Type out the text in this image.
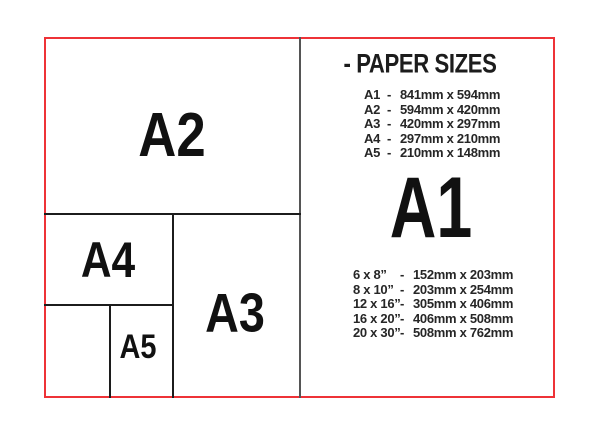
A2
A4
A3
A5
- PAPER SIZES
A1 - 841mm x 594mm
A2 - 594mm x 420mm
A3 - 420mm x 297mm
A4 - 297mm x 210mm
A5 - 210mm x 148mm
A1
6 x 8”	- 152mm x 203mm
8 x 10” - 203mm x 254mm
12 x 16” - 305mm x 406mm
16 x 20” - 406mm x 508mm
20 x 30” - 508mm x 762mm
